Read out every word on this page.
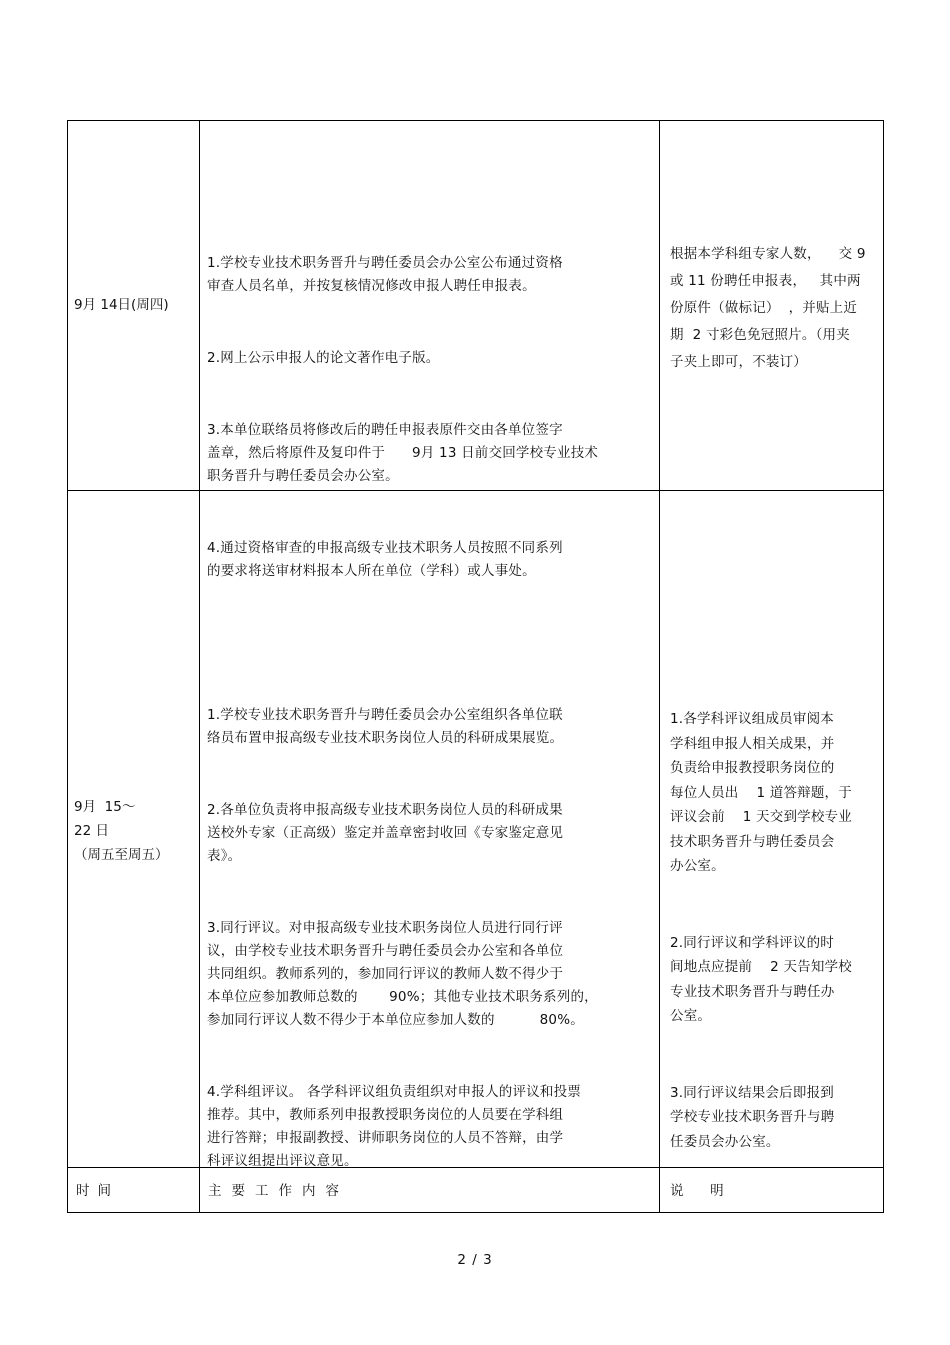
9月 14日(周四)

1.学校专业技术职务晋升与聘任委员会办公室公布通过资格
审查人员名单，并按复核情况修改申报人聘任申报表。

2.网上公示申报人的论文著作电子版。

3.本单位联络员将修改后的聘任申报表原件交由各单位签字
盖章，然后将原件及复印件于      9月 13 日前交回学校专业技术
职务晋升与聘任委员会办公室。

4.通过资格审查的申报高级专业技术职务人员按照不同系列
的要求将送审材料报本人所在单位（学科）或人事处。

根据本学科组专家人数，    交 9
或 11 份聘任申报表，   其中两
份原件（做标记）  ，并贴上近
期  2 寸彩色免冠照片。（用夹
子夹上即可，不装订）
9月  15～
22 日
（周五至周五）

1.学校专业技术职务晋升与聘任委员会办公室组织各单位联
络员布置申报高级专业技术职务岗位人员的科研成果展览。

2.各单位负责将申报高级专业技术职务岗位人员的科研成果
送校外专家（正高级）鉴定并盖章密封收回《专家鉴定意见
表》。

3.同行评议。对申报高级专业技术职务岗位人员进行同行评
议，由学校专业技术职务晋升与聘任委员会办公室和各单位
共同组织。教师系列的，参加同行评议的教师人数不得少于
本单位应参加教师总数的       90%；其他专业技术职务系列的，
参加同行评议人数不得少于本单位应参加人数的          80%。

4.学科组评议。 各学科评议组负责组织对申报人的评议和投票
推荐。其中，教师系列申报教授职务岗位的人员要在学科组
进行答辩；申报副教授、讲师职务岗位的人员不答辩，由学
科评议组提出评议意见。

1.各学科评议组成员审阅本
学科组申报人相关成果，并
负责给申报教授职务岗位的
每位人员出    1 道答辩题，于
评议会前    1 天交到学校专业
技术职务晋升与聘任委员会
办公室。

2.同行评议和学科评议的时
间地点应提前    2 天告知学校
专业技术职务晋升与聘任办
公室。

3.同行评议结果会后即报到
学校专业技术职务晋升与聘
任委员会办公室。

时间	主要工作内容	说  明
2 / 3
